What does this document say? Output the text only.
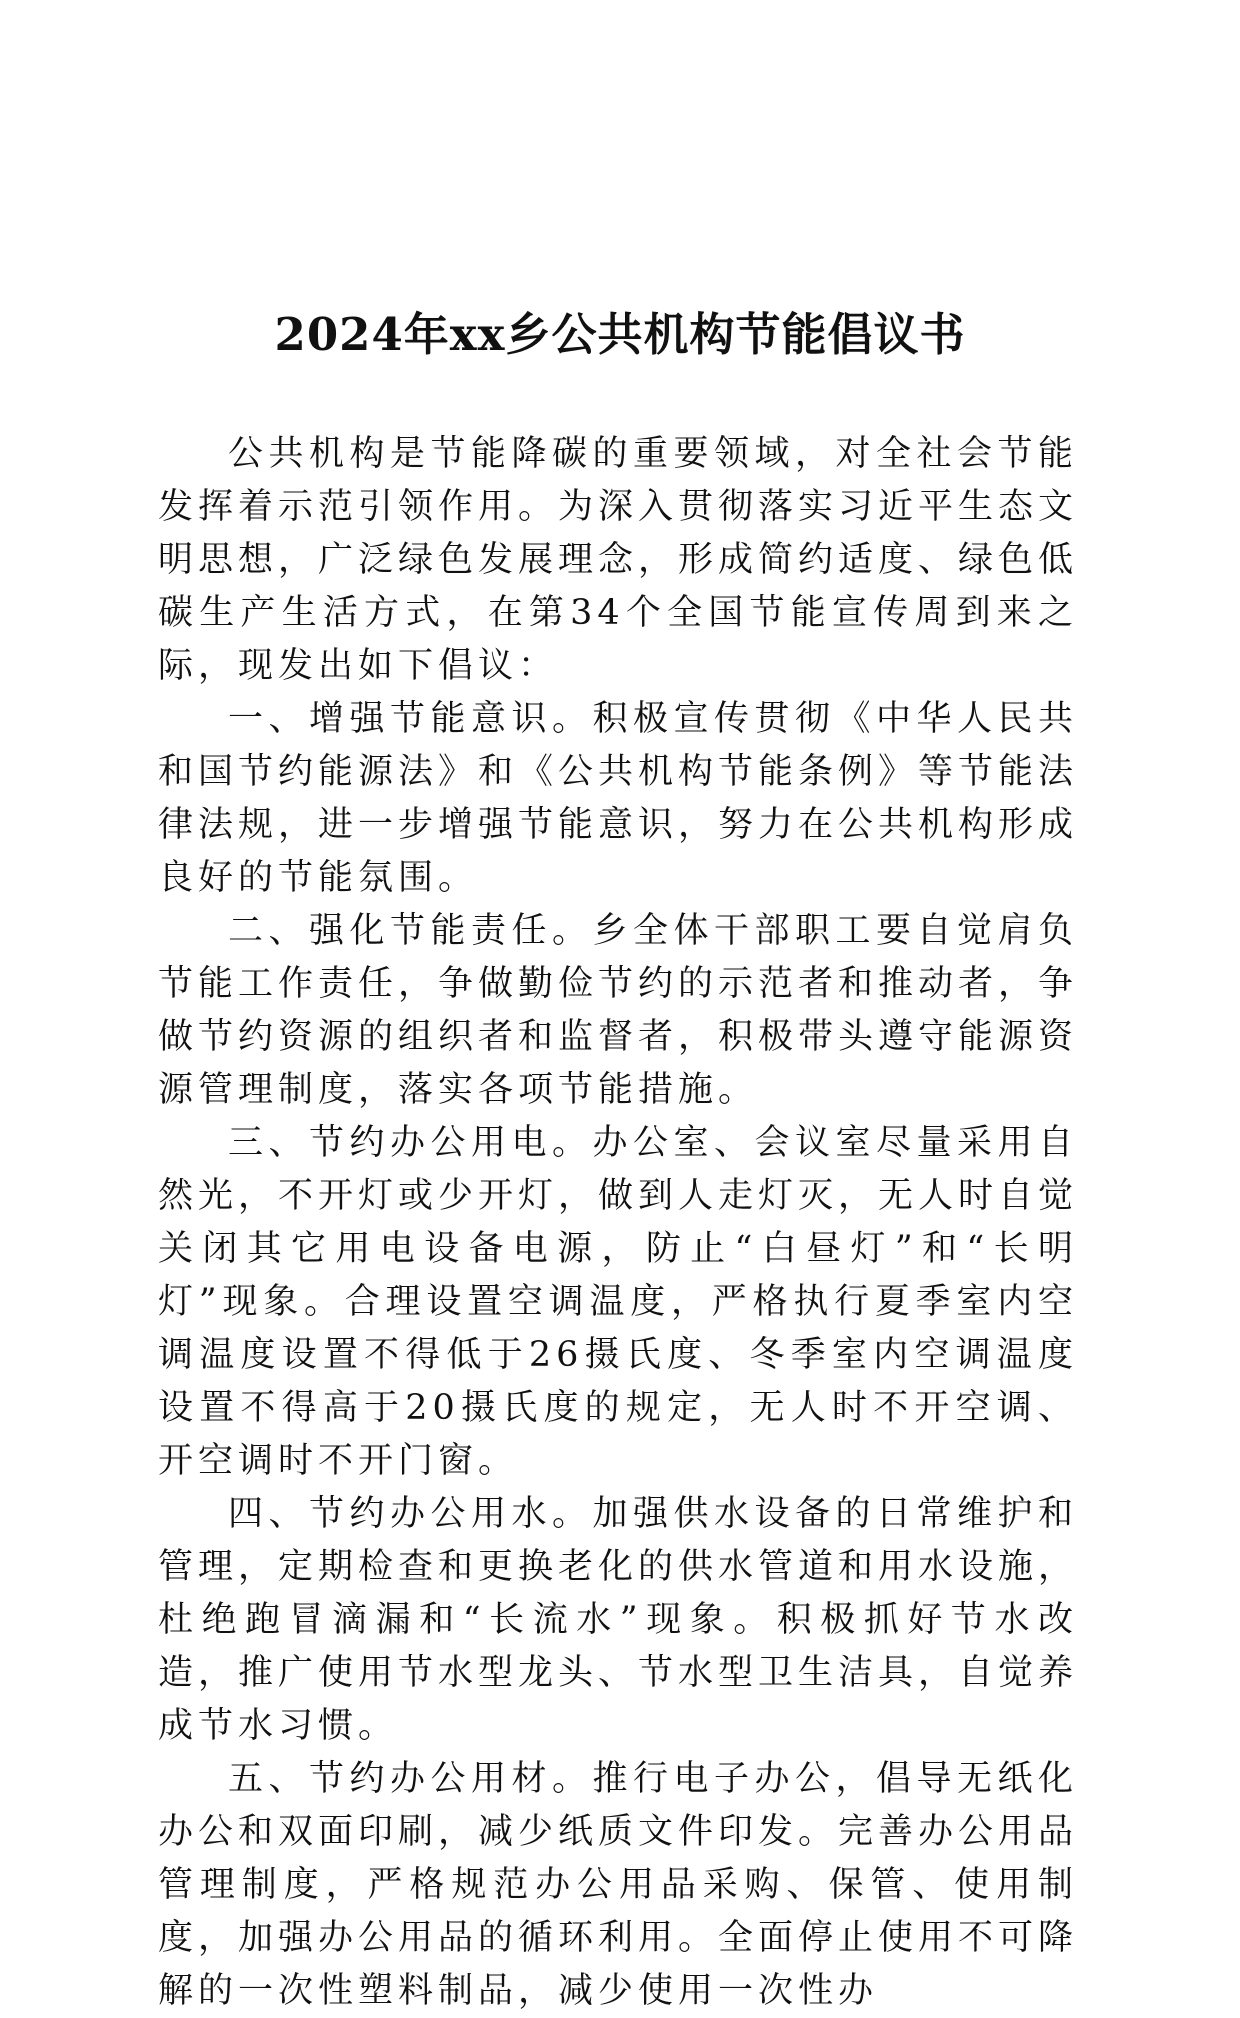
2024年xx乡公共机构节能倡议书

公共机构是节能降碳的重要领域，对全社会节能发挥着示范引领作用。为深入贯彻落实习近平生态文明思想，广泛绿色发展理念，形成简约适度、绿色低碳生产生活方式，在第34个全国节能宣传周到来之际，现发出如下倡议：

一、增强节能意识。积极宣传贯彻《中华人民共和国节约能源法》和《公共机构节能条例》等节能法律法规，进一步增强节能意识，努力在公共机构形成良好的节能氛围。

二、强化节能责任。乡全体干部职工要自觉肩负节能工作责任，争做勤俭节约的示范者和推动者，争做节约资源的组织者和监督者，积极带头遵守能源资源管理制度，落实各项节能措施。

三、节约办公用电。办公室、会议室尽量采用自然光，不开灯或少开灯，做到人走灯灭，无人时自觉关闭其它用电设备电源，防止“白昼灯”和“长明灯”现象。合理设置空调温度，严格执行夏季室内空调温度设置不得低于26摄氏度、冬季室内空调温度设置不得高于20摄氏度的规定，无人时不开空调、开空调时不开门窗。

四、节约办公用水。加强供水设备的日常维护和管理，定期检查和更换老化的供水管道和用水设施，杜绝跑冒滴漏和“长流水”现象。积极抓好节水改造，推广使用节水型龙头、节水型卫生洁具，自觉养成节水习惯。

五、节约办公用材。推行电子办公，倡导无纸化办公和双面印刷，减少纸质文件印发。完善办公用品管理制度，严格规范办公用品采购、保管、使用制度，加强办公用品的循环利用。全面停止使用不可降解的一次性塑料制品，减少使用一次性办
